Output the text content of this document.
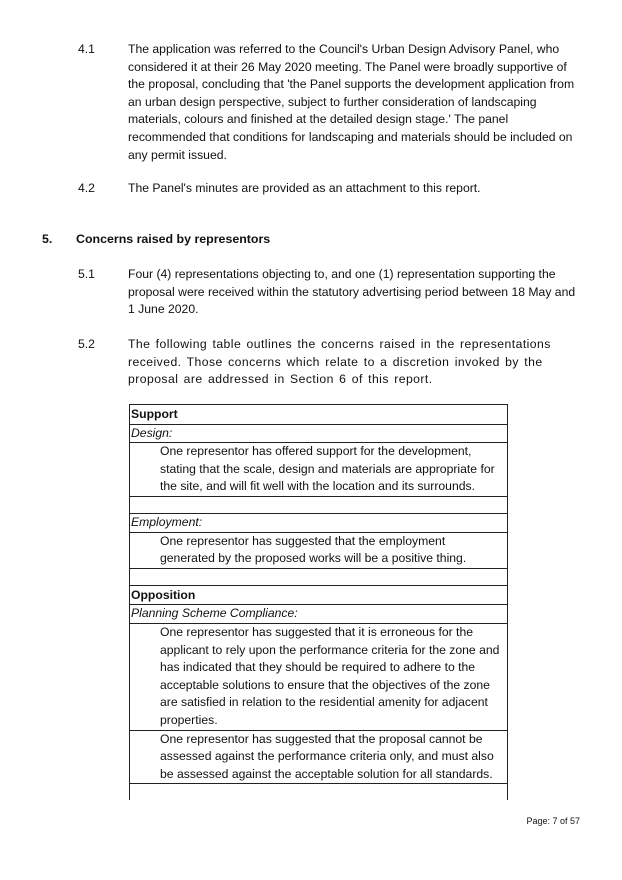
4.1	The application was referred to the Council's Urban Design Advisory Panel, who considered it at their 26 May 2020 meeting. The Panel were broadly supportive of the proposal, concluding that 'the Panel supports the development application from an urban design perspective, subject to further consideration of landscaping materials, colours and finished at the detailed design stage.' The panel recommended that conditions for landscaping and materials should be included on any permit issued.
4.2	The Panel's minutes are provided as an attachment to this report.
5.	Concerns raised by representors
5.1	Four (4) representations objecting to, and one (1) representation supporting the proposal were received within the statutory advertising period between 18 May and 1 June 2020.
5.2	The following table outlines the concerns raised in the representations received. Those concerns which relate to a discretion invoked by the proposal are addressed in Section 6 of this report.
Support
Design:
One representor has offered support for the development, stating that the scale, design and materials are appropriate for the site, and will fit well with the location and its surrounds.

Employment:
One representor has suggested that the employment generated by the proposed works will be a positive thing.

Opposition
Planning Scheme Compliance:
One representor has suggested that it is erroneous for the applicant to rely upon the performance criteria for the zone and has indicated that they should be required to adhere to the acceptable solutions to ensure that the objectives of the zone are satisfied in relation to the residential amenity for adjacent properties.
One representor has suggested that the proposal cannot be assessed against the performance criteria only, and must also be assessed against the acceptable solution for all standards.

Page: 7 of 57
